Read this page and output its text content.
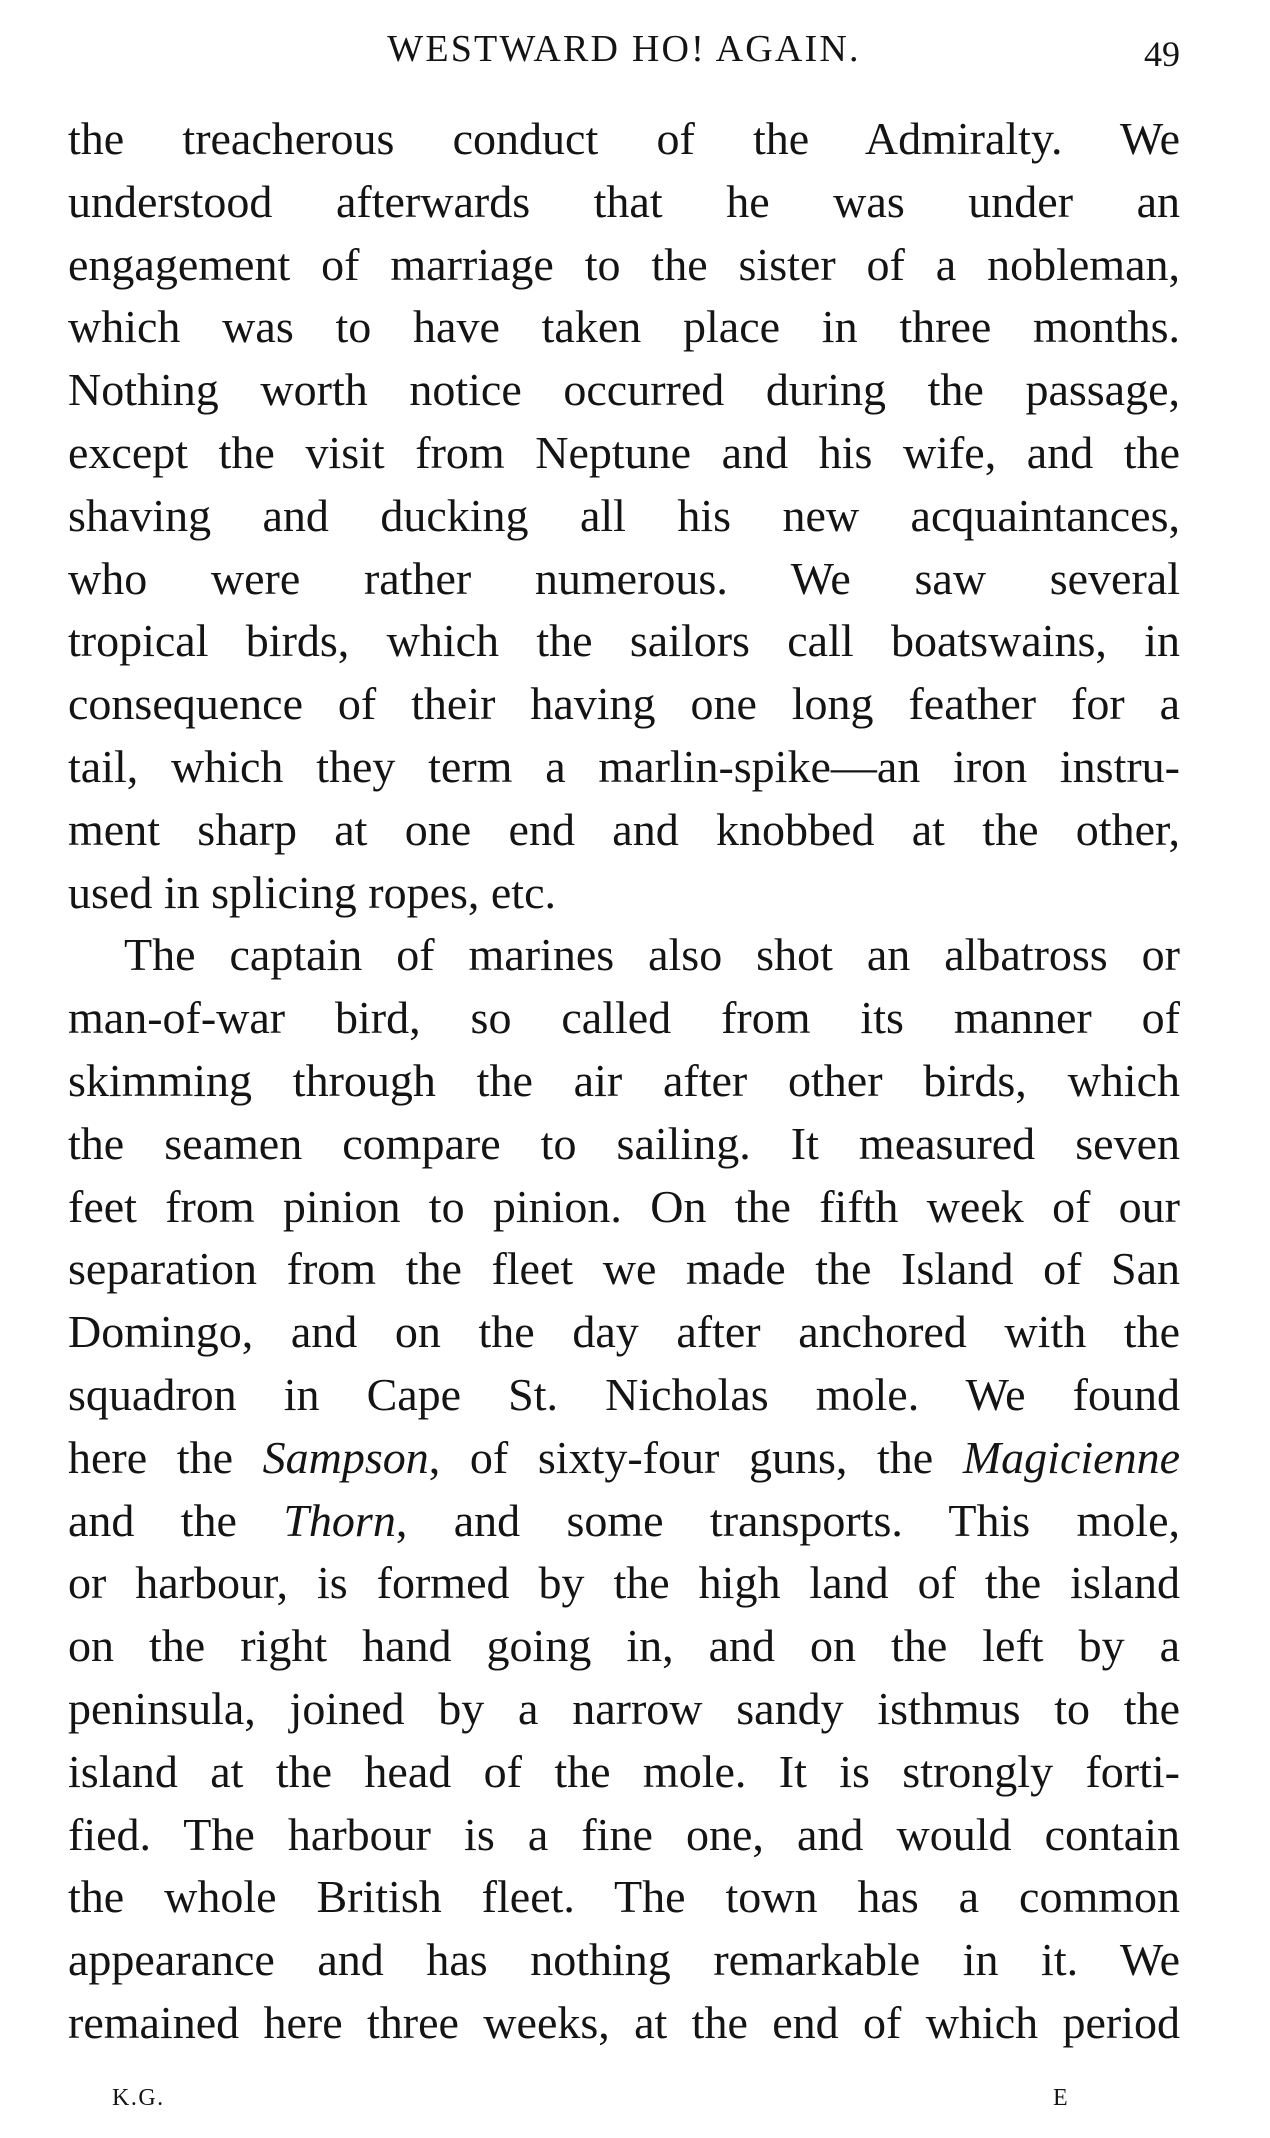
WESTWARD HO! AGAIN.	49
the treacherous conduct of the Admiralty. We
understood afterwards that he was under an
engagement of marriage to the sister of a nobleman,
which was to have taken place in three months.
Nothing worth notice occurred during the passage,
except the visit from Neptune and his wife, and the
shaving and ducking all his new acquaintances,
who were rather numerous. We saw several
tropical birds, which the sailors call boatswains, in
consequence of their having one long feather for a
tail, which they term a marlin-spike—an iron instru-
ment sharp at one end and knobbed at the other,
used in splicing ropes, etc.
The captain of marines also shot an albatross or
man-of-war bird, so called from its manner of
skimming through the air after other birds, which
the seamen compare to sailing. It measured seven
feet from pinion to pinion. On the fifth week of our
separation from the fleet we made the Island of San
Domingo, and on the day after anchored with the
squadron in Cape St. Nicholas mole. We found
here the Sampson, of sixty-four guns, the Magicienne
and the Thorn, and some transports. This mole,
or harbour, is formed by the high land of the island
on the right hand going in, and on the left by a
peninsula, joined by a narrow sandy isthmus to the
island at the head of the mole. It is strongly forti-
fied. The harbour is a fine one, and would contain
the whole British fleet. The town has a common
appearance and has nothing remarkable in it. We
remained here three weeks, at the end of which period
K.G.	E
